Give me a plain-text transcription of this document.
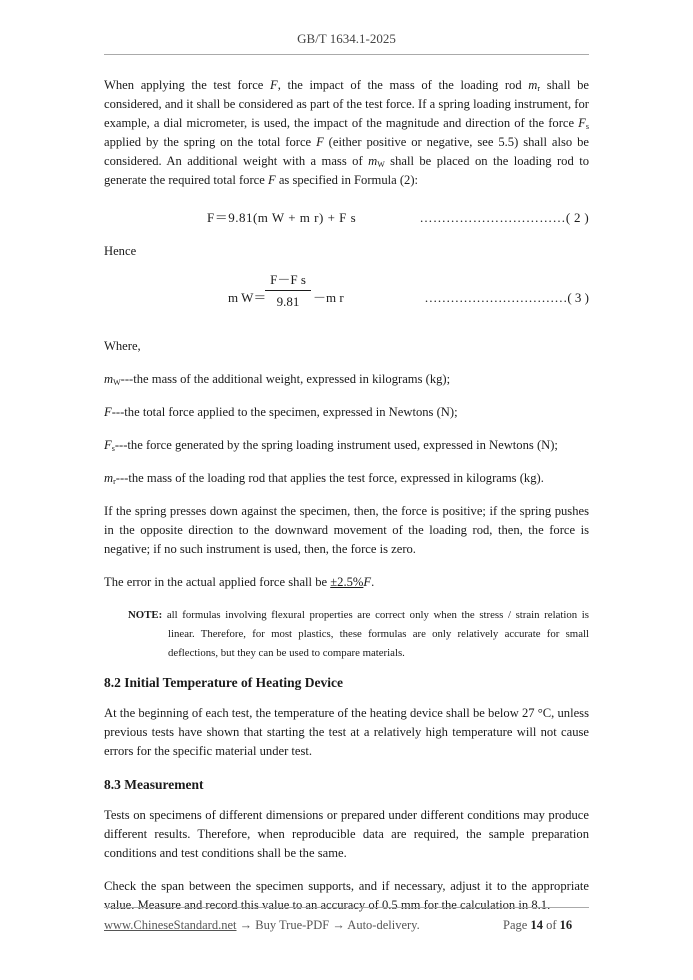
GB/T 1634.1-2025

When applying the test force F, the impact of the mass of the loading rod $m_r$ shall be considered, and it shall be considered as part of the test force. If a spring loading instrument, for example, a dial micrometer, is used, the impact of the magnitude and direction of the force $F_s$ applied by the spring on the total force F (either positive or negative, see 5.5) shall also be considered. An additional weight with a mass of $m_W$ shall be placed on the loading rod to generate the required total force F as specified in Formula (2):

F＝9.81(m W + m r) + F s	……………………………( 2 )

Hence

m W＝
$\frac{\text{F－F s}}{9.81} -m$ r	……………………………( 3 )

Where,

$m_W--$-the mass of the additional weight, expressed in kilograms (kg);

F---the total force applied to the specimen, expressed in Newtons (N);

$F_s--$-the force generated by the spring loading instrument used, expressed in Newtons (N);

$m_r--$-the mass of the loading rod that applies the test force, expressed in kilograms (kg).

If the spring presses down against the specimen, then, the force is positive; if the spring pushes in the opposite direction to the downward movement of the loading rod, then, the force is negative; if no such instrument is used, then, the force is zero.

The error in the actual applied force shall be ±2.5%F.

NOTE: all formulas involving flexural properties are correct only when the stress / strain relation is linear. Therefore, for most plastics, these formulas are only relatively accurate for small deflections, but they can be used to compare materials.

8.2 Initial Temperature of Heating Device

At the beginning of each test, the temperature of the heating device shall be below 27 °C, unless previous tests have shown that starting the test at a relatively high temperature will not cause errors for the specific material under test.

8.3 Measurement

Tests on specimens of different dimensions or prepared under different conditions may produce different results. Therefore, when reproducible data are required, the sample preparation conditions and test conditions shall be the same.

Check the span between the specimen supports, and if necessary, adjust it to the appropriate value. Measure and record this value to an accuracy of 0.5 mm for the calculation in 8.1.

www.ChineseStandard.net → Buy True-PDF → Auto-delivery.	Page 14 of 16
